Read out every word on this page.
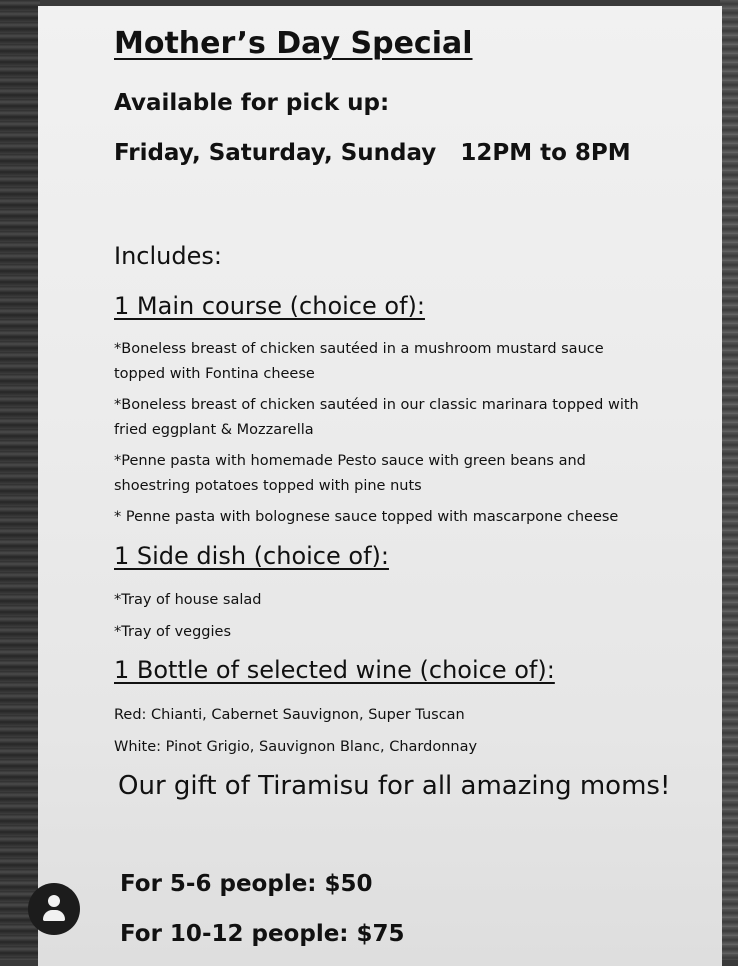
Mother’s Day Special
Available for pick up:
Friday, Saturday, Sunday   12PM to 8PM
Includes:
1 Main course (choice of):
*Boneless breast of chicken sautéed in a mushroom mustard sauce
topped with Fontina cheese
*Boneless breast of chicken sautéed in our classic marinara topped with
fried eggplant & Mozzarella
*Penne pasta with homemade Pesto sauce with green beans and
shoestring potatoes topped with pine nuts
* Penne pasta with bolognese sauce topped with mascarpone cheese
1 Side dish (choice of):
*Tray of house salad
*Tray of veggies
1 Bottle of selected wine (choice of):
Red: Chianti, Cabernet Sauvignon, Super Tuscan
White: Pinot Grigio, Sauvignon Blanc, Chardonnay
Our gift of Tiramisu for all amazing moms!
For 5-6 people: $50
For 10-12 people: $75
